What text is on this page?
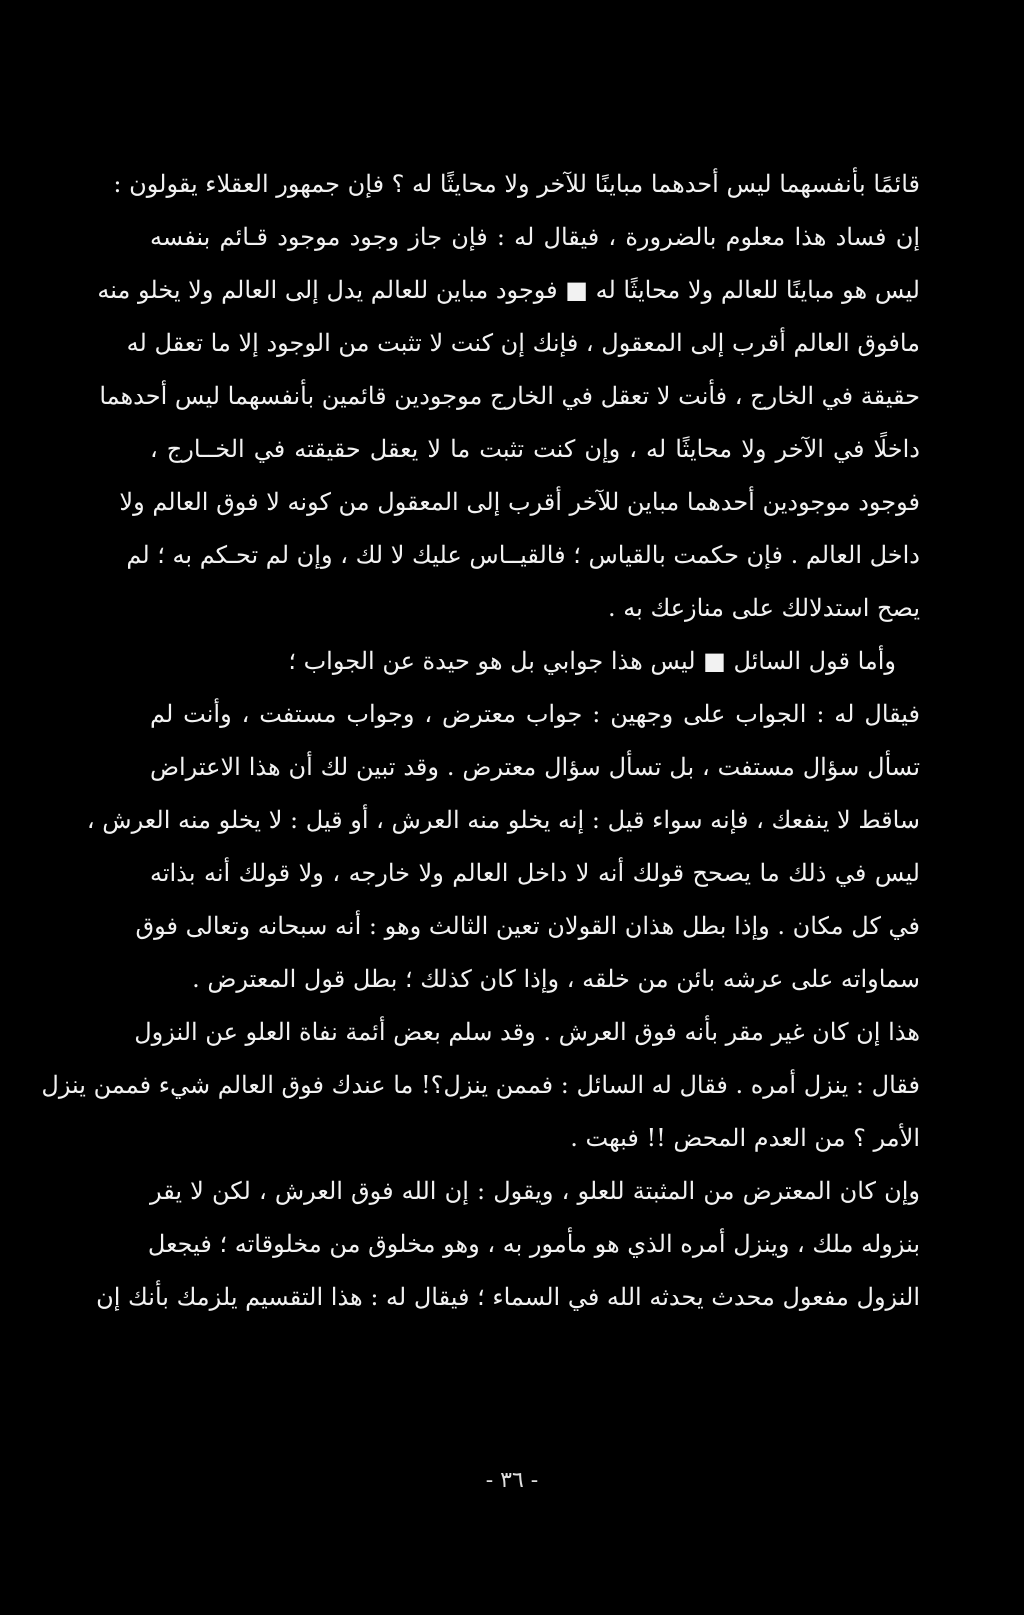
قائمًا بأنفسهما ليس أحدهما مباينًا للآخر ولا محايثًا له ؟ فإن جمهور العقلاء يقولون :
إن فساد هذا معلوم بالضرورة ، فيقال له : فإن جاز وجود موجود قـائم بنفسه
ليس هو مباينًا للعالم ولا محايثًا له ■ فوجود مباين للعالم يدل إلى العالم ولا يخلو منه
مافوق العالم أقرب إلى المعقول ، فإنك إن كنت لا تثبت من الوجود إلا ما تعقل له
حقيقة في الخارج ، فأنت لا تعقل في الخارج موجودين قائمين بأنفسهما ليس أحدهما
داخلًا في الآخر ولا محايثًا له ، وإن كنت تثبت ما لا يعقل حقيقته في الخــارج ،
فوجود موجودين أحدهما مباين للآخر أقرب إلى المعقول من كونه لا فوق العالم ولا
داخل العالم . فإن حكمت بالقياس ؛ فالقيــاس عليك لا لك ، وإن لم تحـكم به ؛ لم
يصح استدلالك على منازعك به .
وأما قول السائل ■ ليس هذا جوابي بل هو حيدة عن الجواب ؛
فيقال له : الجواب على وجهين : جواب معترض ، وجواب مستفت ، وأنت لم
تسأل سؤال مستفت ، بل تسأل سؤال معترض . وقد تبين لك أن هذا الاعتراض
ساقط لا ينفعك ، فإنه سواء قيل : إنه يخلو منه العرش ، أو قيل : لا يخلو منه العرش ،
ليس في ذلك ما يصحح قولك أنه لا داخل العالم ولا خارجه ، ولا قولك أنه بذاته
في كل مكان . وإذا بطل هذان القولان تعين الثالث وهو : أنه سبحانه وتعالى فوق
سماواته على عرشه بائن من خلقه ، وإذا كان كذلك ؛ بطل قول المعترض .
هذا إن كان غير مقر بأنه فوق العرش . وقد سلم بعض أئمة نفاة العلو عن النزول
فقال : ينزل أمره . فقال له السائل : فممن ينزل؟! ما عندك فوق العالم شيء فممن ينزل
الأمر ؟ من العدم المحض !! فبهت .
وإن كان المعترض من المثبتة للعلو ، ويقول : إن الله فوق العرش ، لكن لا يقر
بنزوله ملك ، وينزل أمره الذي هو مأمور به ، وهو مخلوق من مخلوقاته ؛ فيجعل
النزول مفعول محدث يحدثه الله في السماء ؛ فيقال له : هذا التقسيم يلزمك بأنك إن
- ٣٦ -
